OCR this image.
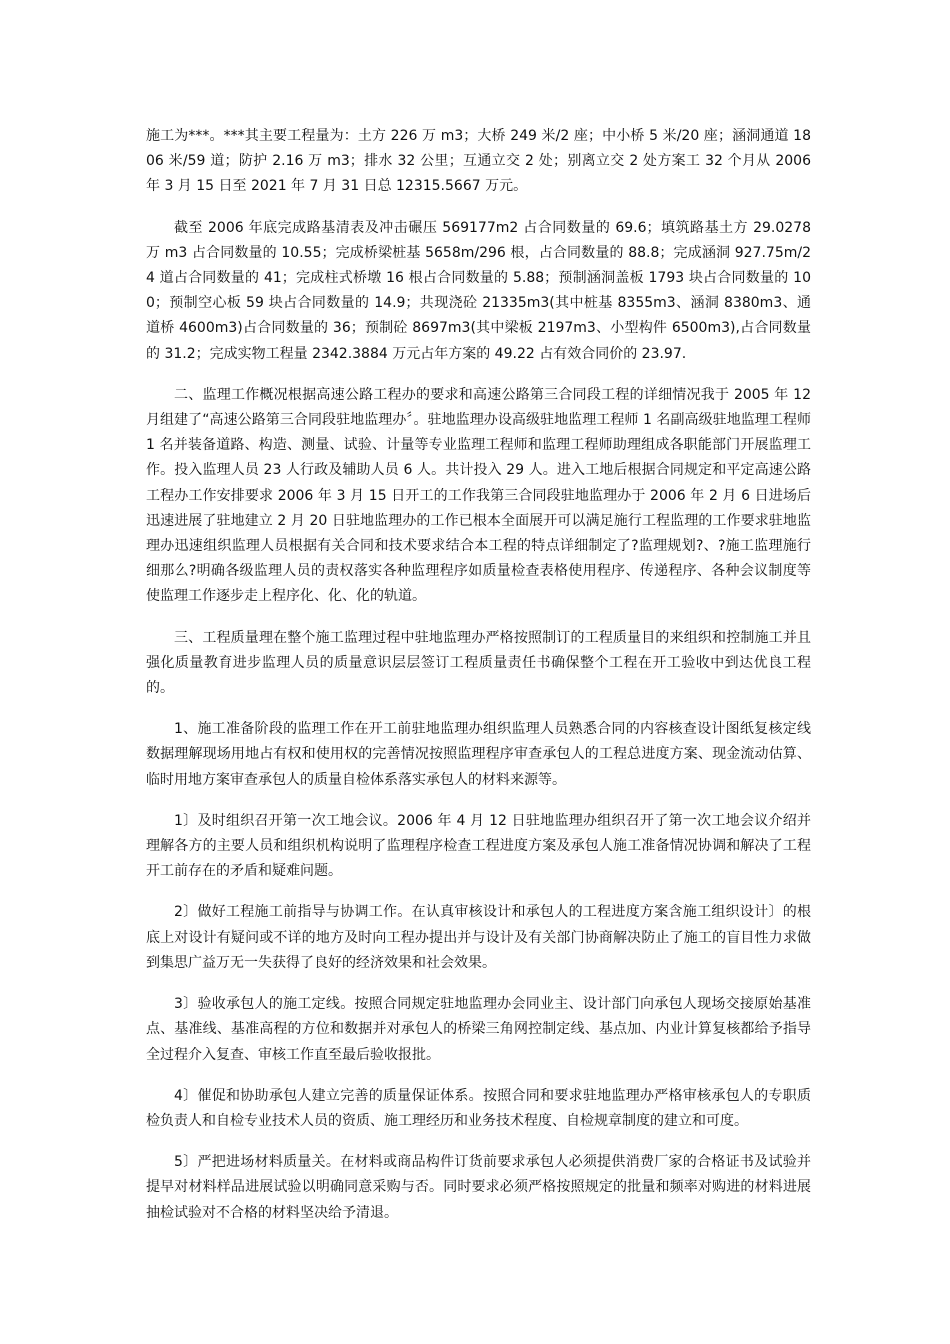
施工为***。***其主要工程量为：土方 226 万 m3；大桥 249 米/2 座；中小桥 5 米/20 座；涵洞通道 1806 米/59 道；防护 2.16 万 m3；排水 32 公里；互通立交 2 处；别离立交 2 处方案工 32 个月从 2006 年 3 月 15 日至 2021 年 7 月 31 日总 12315.5667 万元。

截至 2006 年底完成路基清表及冲击碾压 569177m2 占合同数量的 69.6；填筑路基土方 29.0278 万 m3 占合同数量的 10.55；完成桥梁桩基 5658m/296 根，占合同数量的 88.8；完成涵洞 927.75m/24 道占合同数量的 41；完成柱式桥墩 16 根占合同数量的 5.88；预制涵洞盖板 1793 块占合同数量的 100；预制空心板 59 块占合同数量的 14.9；共现浇砼 21335m3(其中桩基 8355m3、涵洞 8380m3、通道桥 4600m3)占合同数量的 36；预制砼 8697m3(其中梁板 2197m3、小型构件 6500m3),占合同数量的 31.2；完成实物工程量 2342.3884 万元占年方案的 49.22 占有效合同价的 23.97.

二、监理工作概况根据高速公路工程办的要求和高速公路第三合同段工程的详细情况我于 2005 年 12 月组建了“高速公路第三合同段驻地监理办〞。驻地监理办设高级驻地监理工程师 1 名副高级驻地监理工程师 1 名并装备道路、构造、测量、试验、计量等专业监理工程师和监理工程师助理组成各职能部门开展监理工作。投入监理人员 23 人行政及辅助人员 6 人。共计投入 29 人。进入工地后根据合同规定和平定高速公路工程办工作安排要求 2006 年 3 月 15 日开工的工作我第三合同段驻地监理办于 2006 年 2 月 6 日进场后迅速进展了驻地建立 2 月 20 日驻地监理办的工作已根本全面展开可以满足施行工程监理的工作要求驻地监理办迅速组织监理人员根据有关合同和技术要求结合本工程的特点详细制定了?监理规划?、?施工监理施行细那么?明确各级监理人员的责权落实各种监理程序如质量检查表格使用程序、传递程序、各种会议制度等使监理工作逐步走上程序化、化、化的轨道。

三、工程质量理在整个施工监理过程中驻地监理办严格按照制订的工程质量目的来组织和控制施工并且强化质量教育进步监理人员的质量意识层层签订工程质量责任书确保整个工程在开工验收中到达优良工程的。

1、施工准备阶段的监理工作在开工前驻地监理办组织监理人员熟悉合同的内容核查设计图纸复核定线数据理解现场用地占有权和使用权的完善情况按照监理程序审查承包人的工程总进度方案、现金流动估算、临时用地方案审查承包人的质量自检体系落实承包人的材料来源等。

1〕及时组织召开第一次工地会议。2006 年 4 月 12 日驻地监理办组织召开了第一次工地会议介绍并理解各方的主要人员和组织机构说明了监理程序检查工程进度方案及承包人施工准备情况协调和解决了工程开工前存在的矛盾和疑难问题。

2〕做好工程施工前指导与协调工作。在认真审核设计和承包人的工程进度方案含施工组织设计〕的根底上对设计有疑问或不详的地方及时向工程办提出并与设计及有关部门协商解决防止了施工的盲目性力求做到集思广益万无一失获得了良好的经济效果和社会效果。

3〕验收承包人的施工定线。按照合同规定驻地监理办会同业主、设计部门向承包人现场交接原始基准点、基准线、基准高程的方位和数据并对承包人的桥梁三角网控制定线、基点加、内业计算复核都给予指导全过程介入复查、审核工作直至最后验收报批。

4〕催促和协助承包人建立完善的质量保证体系。按照合同和要求驻地监理办严格审核承包人的专职质检负责人和自检专业技术人员的资质、施工理经历和业务技术程度、自检规章制度的建立和可度。

5〕严把进场材料质量关。在材料或商品构件订货前要求承包人必须提供消费厂家的合格证书及试验并提早对材料样品进展试验以明确同意采购与否。同时要求必须严格按照规定的批量和频率对购进的材料进展抽检试验对不合格的材料坚决给予清退。
